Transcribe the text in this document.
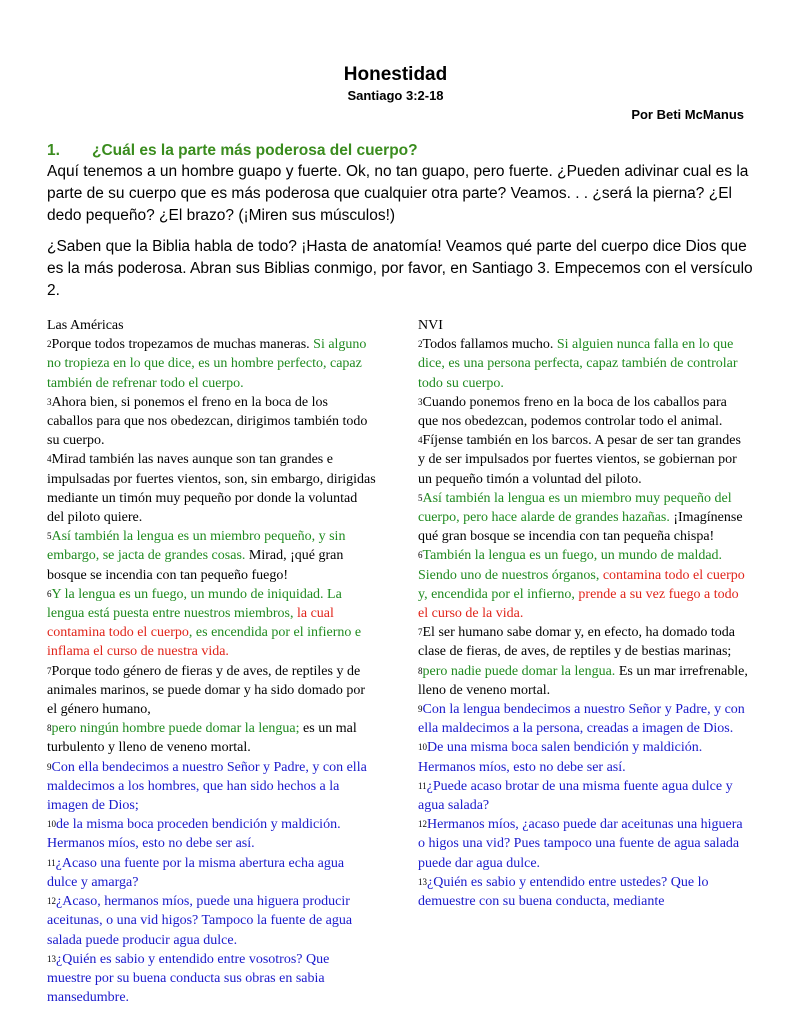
Honestidad
Santiago 3:2-18
Por Beti McManus
1. ¿Cuál es la parte más poderosa del cuerpo?

Aquí tenemos a un hombre guapo y fuerte. Ok, no tan guapo, pero fuerte. ¿Pueden adivinar cual es la parte de su cuerpo que es más poderosa que cualquier otra parte? Veamos. . . ¿será la pierna? ¿El dedo pequeño? ¿El brazo? (¡Miren sus músculos!)

¿Saben que la Biblia habla de todo? ¡Hasta de anatomía! Veamos qué parte del cuerpo dice Dios que es la más poderosa. Abran sus Biblias conmigo, por favor, en Santiago 3. Empecemos con el versículo 2.

Las Américas

$^2$Porque todos tropezamos de muchas maneras. Si alguno no tropieza en lo que dice, es un hombre perfecto, capaz también de refrenar todo el cuerpo.

$^3$Ahora bien, si ponemos el freno en la boca de los caballos para que nos obedezcan, dirigimos también todo su cuerpo.

$^4$Mirad también las naves aunque son tan grandes e impulsadas por fuertes vientos, son, sin embargo, dirigidas mediante un timón muy pequeño por donde la voluntad del piloto quiere.

$^5$Así también la lengua es un miembro pequeño, y sin embargo, se jacta de grandes cosas. Mirad, ¡qué gran bosque se incendia con tan pequeño fuego!

$^6$Y la lengua es un fuego, un mundo de iniquidad. La lengua está puesta entre nuestros miembros, la cual contamina todo el cuerpo, es encendida por el infierno e inflama el curso de nuestra vida.

$^7$Porque todo género de fieras y de aves, de reptiles y de animales marinos, se puede domar y ha sido domado por el género humano,

$^8$pero ningún hombre puede domar la lengua; es un mal turbulento y lleno de veneno mortal.

$^9$Con ella bendecimos a nuestro Señor y Padre, y con ella maldecimos a los hombres, que han sido hechos a la imagen de Dios;

$^{10}$de la misma boca proceden bendición y maldición. Hermanos míos, esto no debe ser así.

$^{11}$¿Acaso una fuente por la misma abertura echa agua dulce y amarga?

$^{12}$¿Acaso, hermanos míos, puede una higuera producir aceitunas, o una vid higos? Tampoco la fuente de agua salada puede producir agua dulce.

$^{13}$¿Quién es sabio y entendido entre vosotros? Que muestre por su buena conducta sus obras en sabia mansedumbre.

NVI

$^2$Todos fallamos mucho. Si alguien nunca falla en lo que dice, es una persona perfecta, capaz también de controlar todo su cuerpo.

$^3$Cuando ponemos freno en la boca de los caballos para que nos obedezcan, podemos controlar todo el animal.

$^4$Fíjense también en los barcos. A pesar de ser tan grandes y de ser impulsados por fuertes vientos, se gobiernan por un pequeño timón a voluntad del piloto.

$^5$Así también la lengua es un miembro muy pequeño del cuerpo, pero hace alarde de grandes hazañas. ¡Imagínense qué gran bosque se incendia con tan pequeña chispa!

$^6$También la lengua es un fuego, un mundo de maldad. Siendo uno de nuestros órganos, contamina todo el cuerpo y, encendida por el infierno, prende a su vez fuego a todo el curso de la vida.

$^7$El ser humano sabe domar y, en efecto, ha domado toda clase de fieras, de aves, de reptiles y de bestias marinas;

$^8$pero nadie puede domar la lengua. Es un mar irrefrenable, lleno de veneno mortal.

$^9$Con la lengua bendecimos a nuestro Señor y Padre, y con ella maldecimos a la persona, creadas a imagen de Dios.

$^{10}$De una misma boca salen bendición y maldición. Hermanos míos, esto no debe ser así.

$^{11}$¿Puede acaso brotar de una misma fuente agua dulce y agua salada?

$^{12}$Hermanos míos, ¿acaso puede dar aceitunas una higuera o higos una vid? Pues tampoco una fuente de agua salada puede dar agua dulce.

$^{13}$¿Quién es sabio y entendido entre ustedes? Que lo demuestre con su buena conducta, mediante
